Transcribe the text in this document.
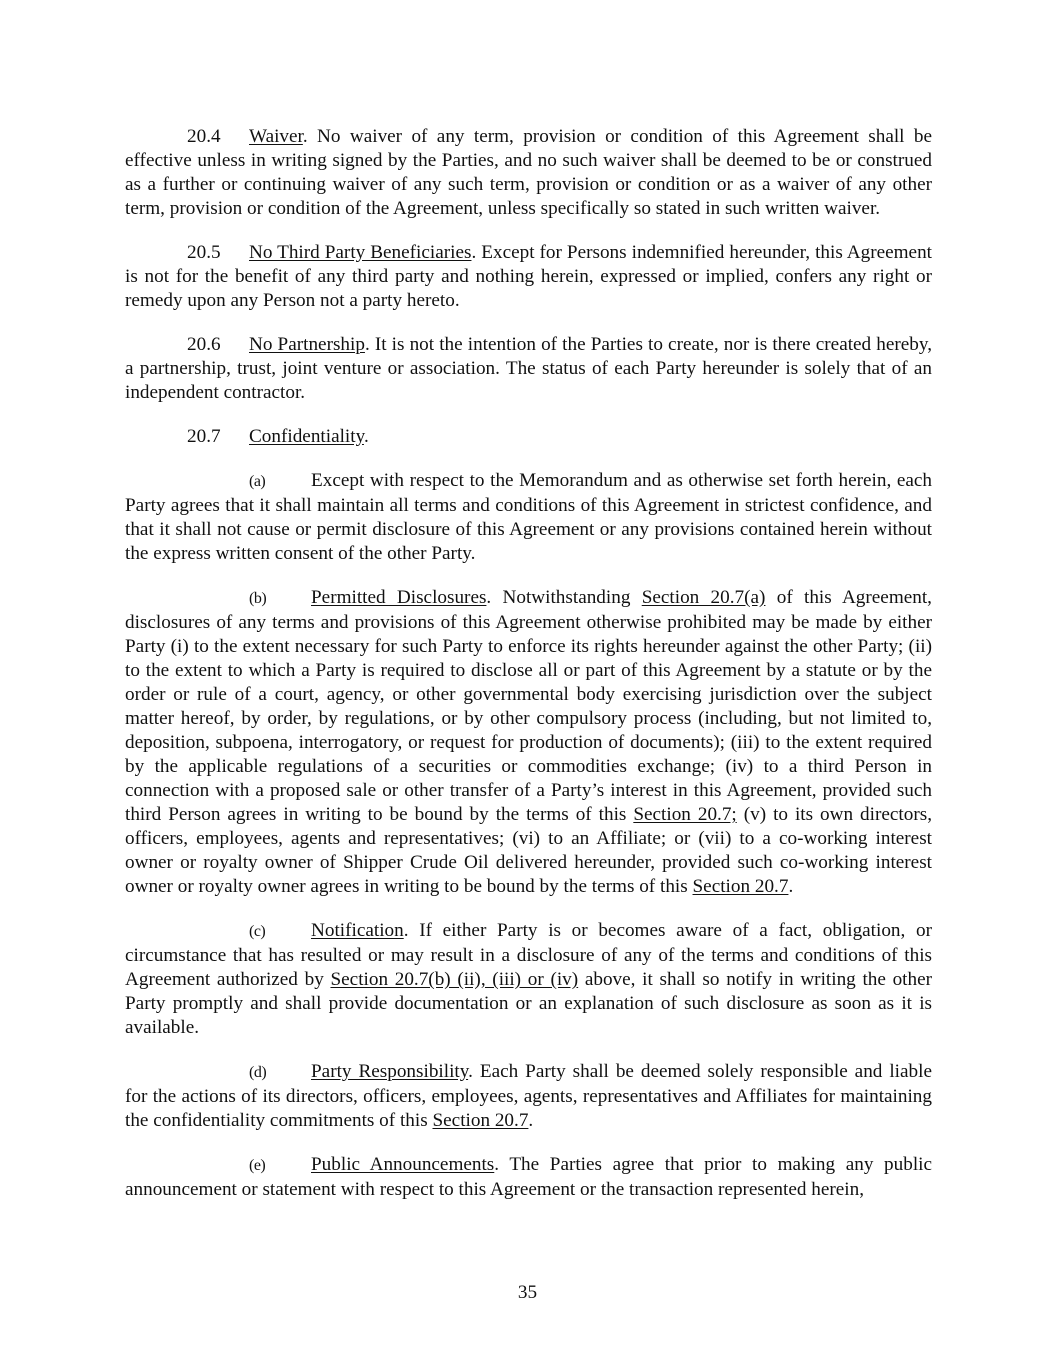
20.4 Waiver. No waiver of any term, provision or condition of this Agreement shall be effective unless in writing signed by the Parties, and no such waiver shall be deemed to be or construed as a further or continuing waiver of any such term, provision or condition or as a waiver of any other term, provision or condition of the Agreement, unless specifically so stated in such written waiver.

20.5 No Third Party Beneficiaries. Except for Persons indemnified hereunder, this Agreement is not for the benefit of any third party and nothing herein, expressed or implied, confers any right or remedy upon any Person not a party hereto.

20.6 No Partnership. It is not the intention of the Parties to create, nor is there created hereby, a partnership, trust, joint venture or association. The status of each Party hereunder is solely that of an independent contractor.

20.7 Confidentiality.

(a) Except with respect to the Memorandum and as otherwise set forth herein, each Party agrees that it shall maintain all terms and conditions of this Agreement in strictest confidence, and that it shall not cause or permit disclosure of this Agreement or any provisions contained herein without the express written consent of the other Party.

(b) Permitted Disclosures. Notwithstanding Section 20.7(a) of this Agreement, disclosures of any terms and provisions of this Agreement otherwise prohibited may be made by either Party (i) to the extent necessary for such Party to enforce its rights hereunder against the other Party; (ii) to the extent to which a Party is required to disclose all or part of this Agreement by a statute or by the order or rule of a court, agency, or other governmental body exercising jurisdiction over the subject matter hereof, by order, by regulations, or by other compulsory process (including, but not limited to, deposition, subpoena, interrogatory, or request for production of documents); (iii) to the extent required by the applicable regulations of a securities or commodities exchange; (iv) to a third Person in connection with a proposed sale or other transfer of a Party’s interest in this Agreement, provided such third Person agrees in writing to be bound by the terms of this Section 20.7; (v) to its own directors, officers, employees, agents and representatives; (vi) to an Affiliate; or (vii) to a co-working interest owner or royalty owner of Shipper Crude Oil delivered hereunder, provided such co-working interest owner or royalty owner agrees in writing to be bound by the terms of this Section 20.7.

(c) Notification. If either Party is or becomes aware of a fact, obligation, or circumstance that has resulted or may result in a disclosure of any of the terms and conditions of this Agreement authorized by Section 20.7(b) (ii), (iii) or (iv) above, it shall so notify in writing the other Party promptly and shall provide documentation or an explanation of such disclosure as soon as it is available.

(d) Party Responsibility. Each Party shall be deemed solely responsible and liable for the actions of its directors, officers, employees, agents, representatives and Affiliates for maintaining the confidentiality commitments of this Section 20.7.

(e) Public Announcements. The Parties agree that prior to making any public announcement or statement with respect to this Agreement or the transaction represented herein,

35
